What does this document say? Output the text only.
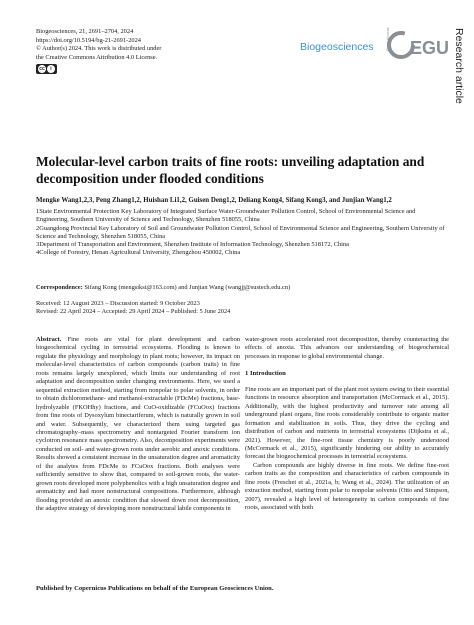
Biogeosciences, 21, 2691–2704, 2024
https://doi.org/10.5194/bg-21-2691-2024
© Author(s) 2024. This work is distributed under
the Creative Commons Attribution 4.0 License.
cc	i
Biogeosciences	Open Access EGU Research article
Molecular-level carbon traits of fine roots: unveiling adaptation and decomposition under flooded conditions
Mengke Wang1,2,3, Peng Zhang1,2, Huishan Li1,2, Guisen Deng1,2, Deliang Kong4, Sifang Kong3, and Junjian Wang1,2
1State Environmental Protection Key Laboratory of Integrated Surface Water-Groundwater Pollution Control, School of Environmental Science and Engineering, Southern University of Science and Technology, Shenzhen 518055, China
2Guangdong Provincial Key Laboratory of Soil and Groundwater Pollution Control, School of Environmental Science and Engineering, Southern University of Science and Technology, Shenzhen 518055, China
3Department of Transportation and Environment, Shenzhen Institute of Information Technology, Shenzhen 518172, China
4College of Forestry, Henan Agricultural University, Zhengzhou 450002, China
Correspondence: Sifang Kong (mengsikst@163.com) and Junjian Wang (wangjj@sustech.edu.cn)
Received: 12 August 2023 – Discussion started: 9 October 2023
Revised: 22 April 2024 – Accepted: 29 April 2024 – Published: 5 June 2024

Abstract. Fine roots are vital for plant development and carbon biogeochemical cycling in terrestrial ecosystems. Flooding is known to regulate the physiology and morphology in plant roots; however, its impact on molecular-level characteristics of carbon compounds (carbon traits) in fine roots remains largely unexplored, which limits our understanding of root adaptation and decomposition under changing environments. Here, we used a sequential extraction method, starting from nonpolar to polar solvents, in order to obtain dichloromethane- and methanol-extractable (FDcMe) fractions, base-hydrolyzable (FKOHhy) fractions, and CuO-oxidizable (FCuOox) fractions from fine roots of Dysoxylum binectariferum, which is naturally grown in soil and water. Subsequently, we characterized them using targeted gas chromatography–mass spectrometry and nontargeted Fourier transform ion cyclotron resonance mass spectrometry. Also, decomposition experiments were conducted on soil- and water-grown roots under aerobic and anoxic conditions. Results showed a consistent increase in the unsaturation degree and aromaticity of the analytes from FDcMe to FCuOox fractions. Both analyses were sufficiently sensitive to show that, compared to soil-grown roots, the water-grown roots developed more polyphenolics with a high unsaturation degree and aromaticity and had more nonstructural compositions. Furthermore, although flooding provided an anoxic condition that slowed down root decomposition, the adaptive strategy of developing more nonstructural labile components in

water-grown roots accelerated root decomposition, thereby counteracting the effects of anoxia. This advances our understanding of biogeochemical processes in response to global environmental change.

1 Introduction

Fine roots are an important part of the plant root system owing to their essential functions in resource absorption and transportation (McCormack et al., 2015). Additionally, with the highest productivity and turnover rate among all underground plant organs, fine roots considerably contribute to organic matter formation and stabilization in soils. Thus, they drive the cycling and distribution of carbon and nutrients in terrestrial ecosystems (Dijkstra et al., 2021). However, the fine-root tissue chemistry is poorly understood (McCormack et al., 2015), significantly hindering our ability to accurately forecast the biogeochemical processes in terrestrial ecosystems.

Carbon compounds are highly diverse in fine roots. We define fine-root carbon traits as the composition and characteristics of carbon compounds in fine roots (Freschet et al., 2021a, b; Wang et al., 2024). The utilization of an extraction method, starting from polar to nonpolar solvents (Otto and Simpson, 2007), revealed a high level of heterogeneity in carbon compounds of fine roots, associated with both

Published by Copernicus Publications on behalf of the European Geosciences Union.
